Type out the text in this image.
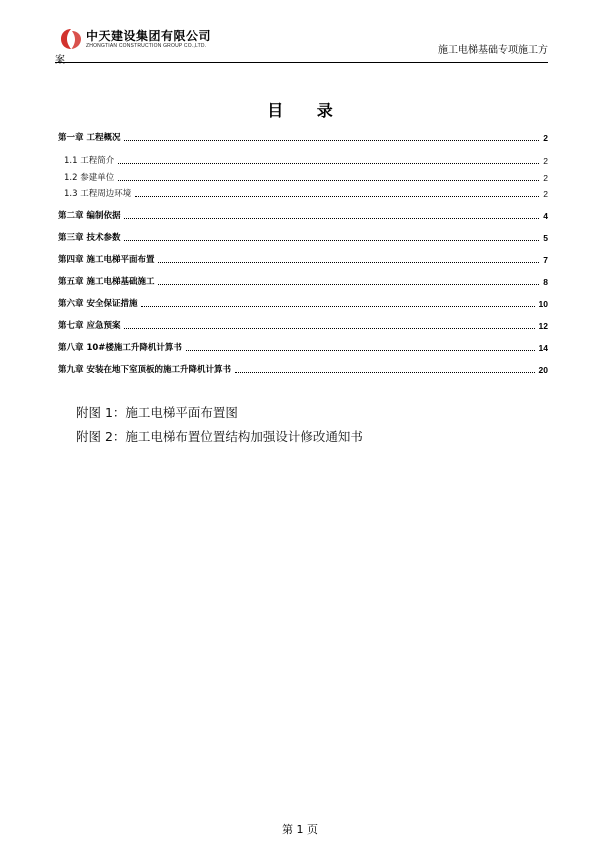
中天建设集团有限公司
ZHONGTIAN CONSTRUCTION GROUP CO.,LTD.	施工电梯基础专项施工方
案
目 录
第一章 工程概况	2
1.1 工程简介	2
1.2 参建单位	2
1.3 工程周边环境	2
第二章 编制依据	4
第三章 技术参数	5
第四章 施工电梯平面布置	7
第五章 施工电梯基础施工	8
第六章 安全保证措施	10
第七章 应急预案	12
第八章 10#楼施工升降机计算书	14
第九章 安装在地下室顶板的施工升降机计算书	20
附图 1：施工电梯平面布置图
附图 2：施工电梯布置位置结构加强设计修改通知书
第 1 页
